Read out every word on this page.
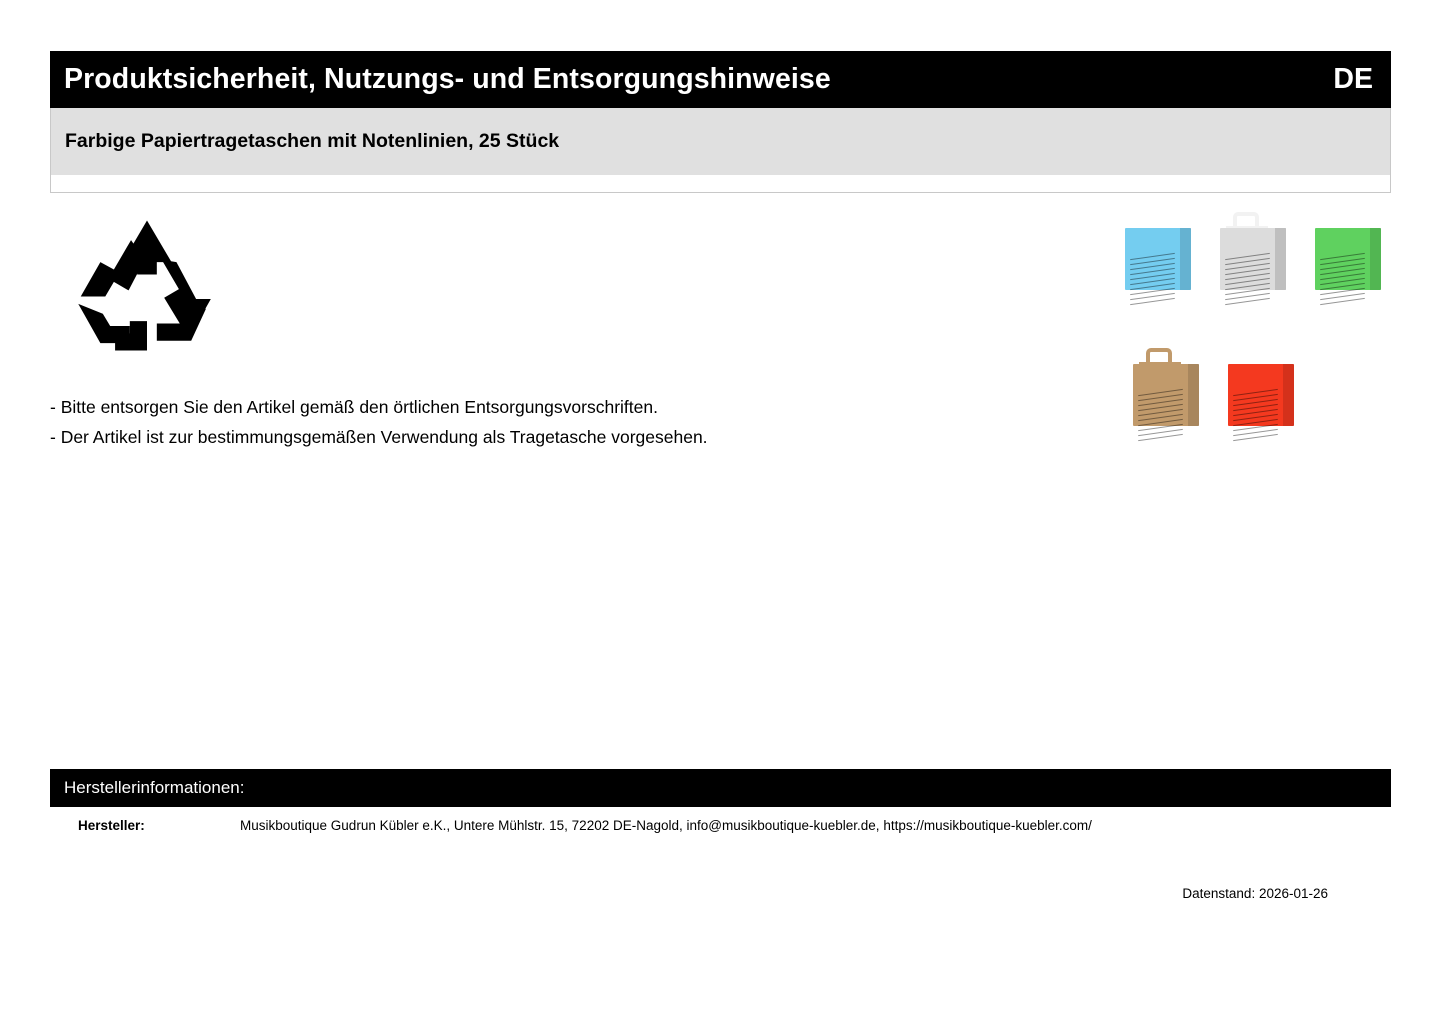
Produktsicherheit, Nutzungs- und Entsorgungshinweise	DE
Farbige Papiertragetaschen mit Notenlinien, 25 Stück
- Bitte entsorgen Sie den Artikel gemäß den örtlichen Entsorgungsvorschriften.
- Der Artikel ist zur bestimmungsgemäßen Verwendung als Tragetasche vorgesehen.
Herstellerinformationen:
Hersteller:	Musikboutique Gudrun Kübler e.K., Untere Mühlstr. 15, 72202 DE-Nagold, info@musikboutique-kuebler.de, https://musikboutique-kuebler.com/
Datenstand: 2026-01-26
